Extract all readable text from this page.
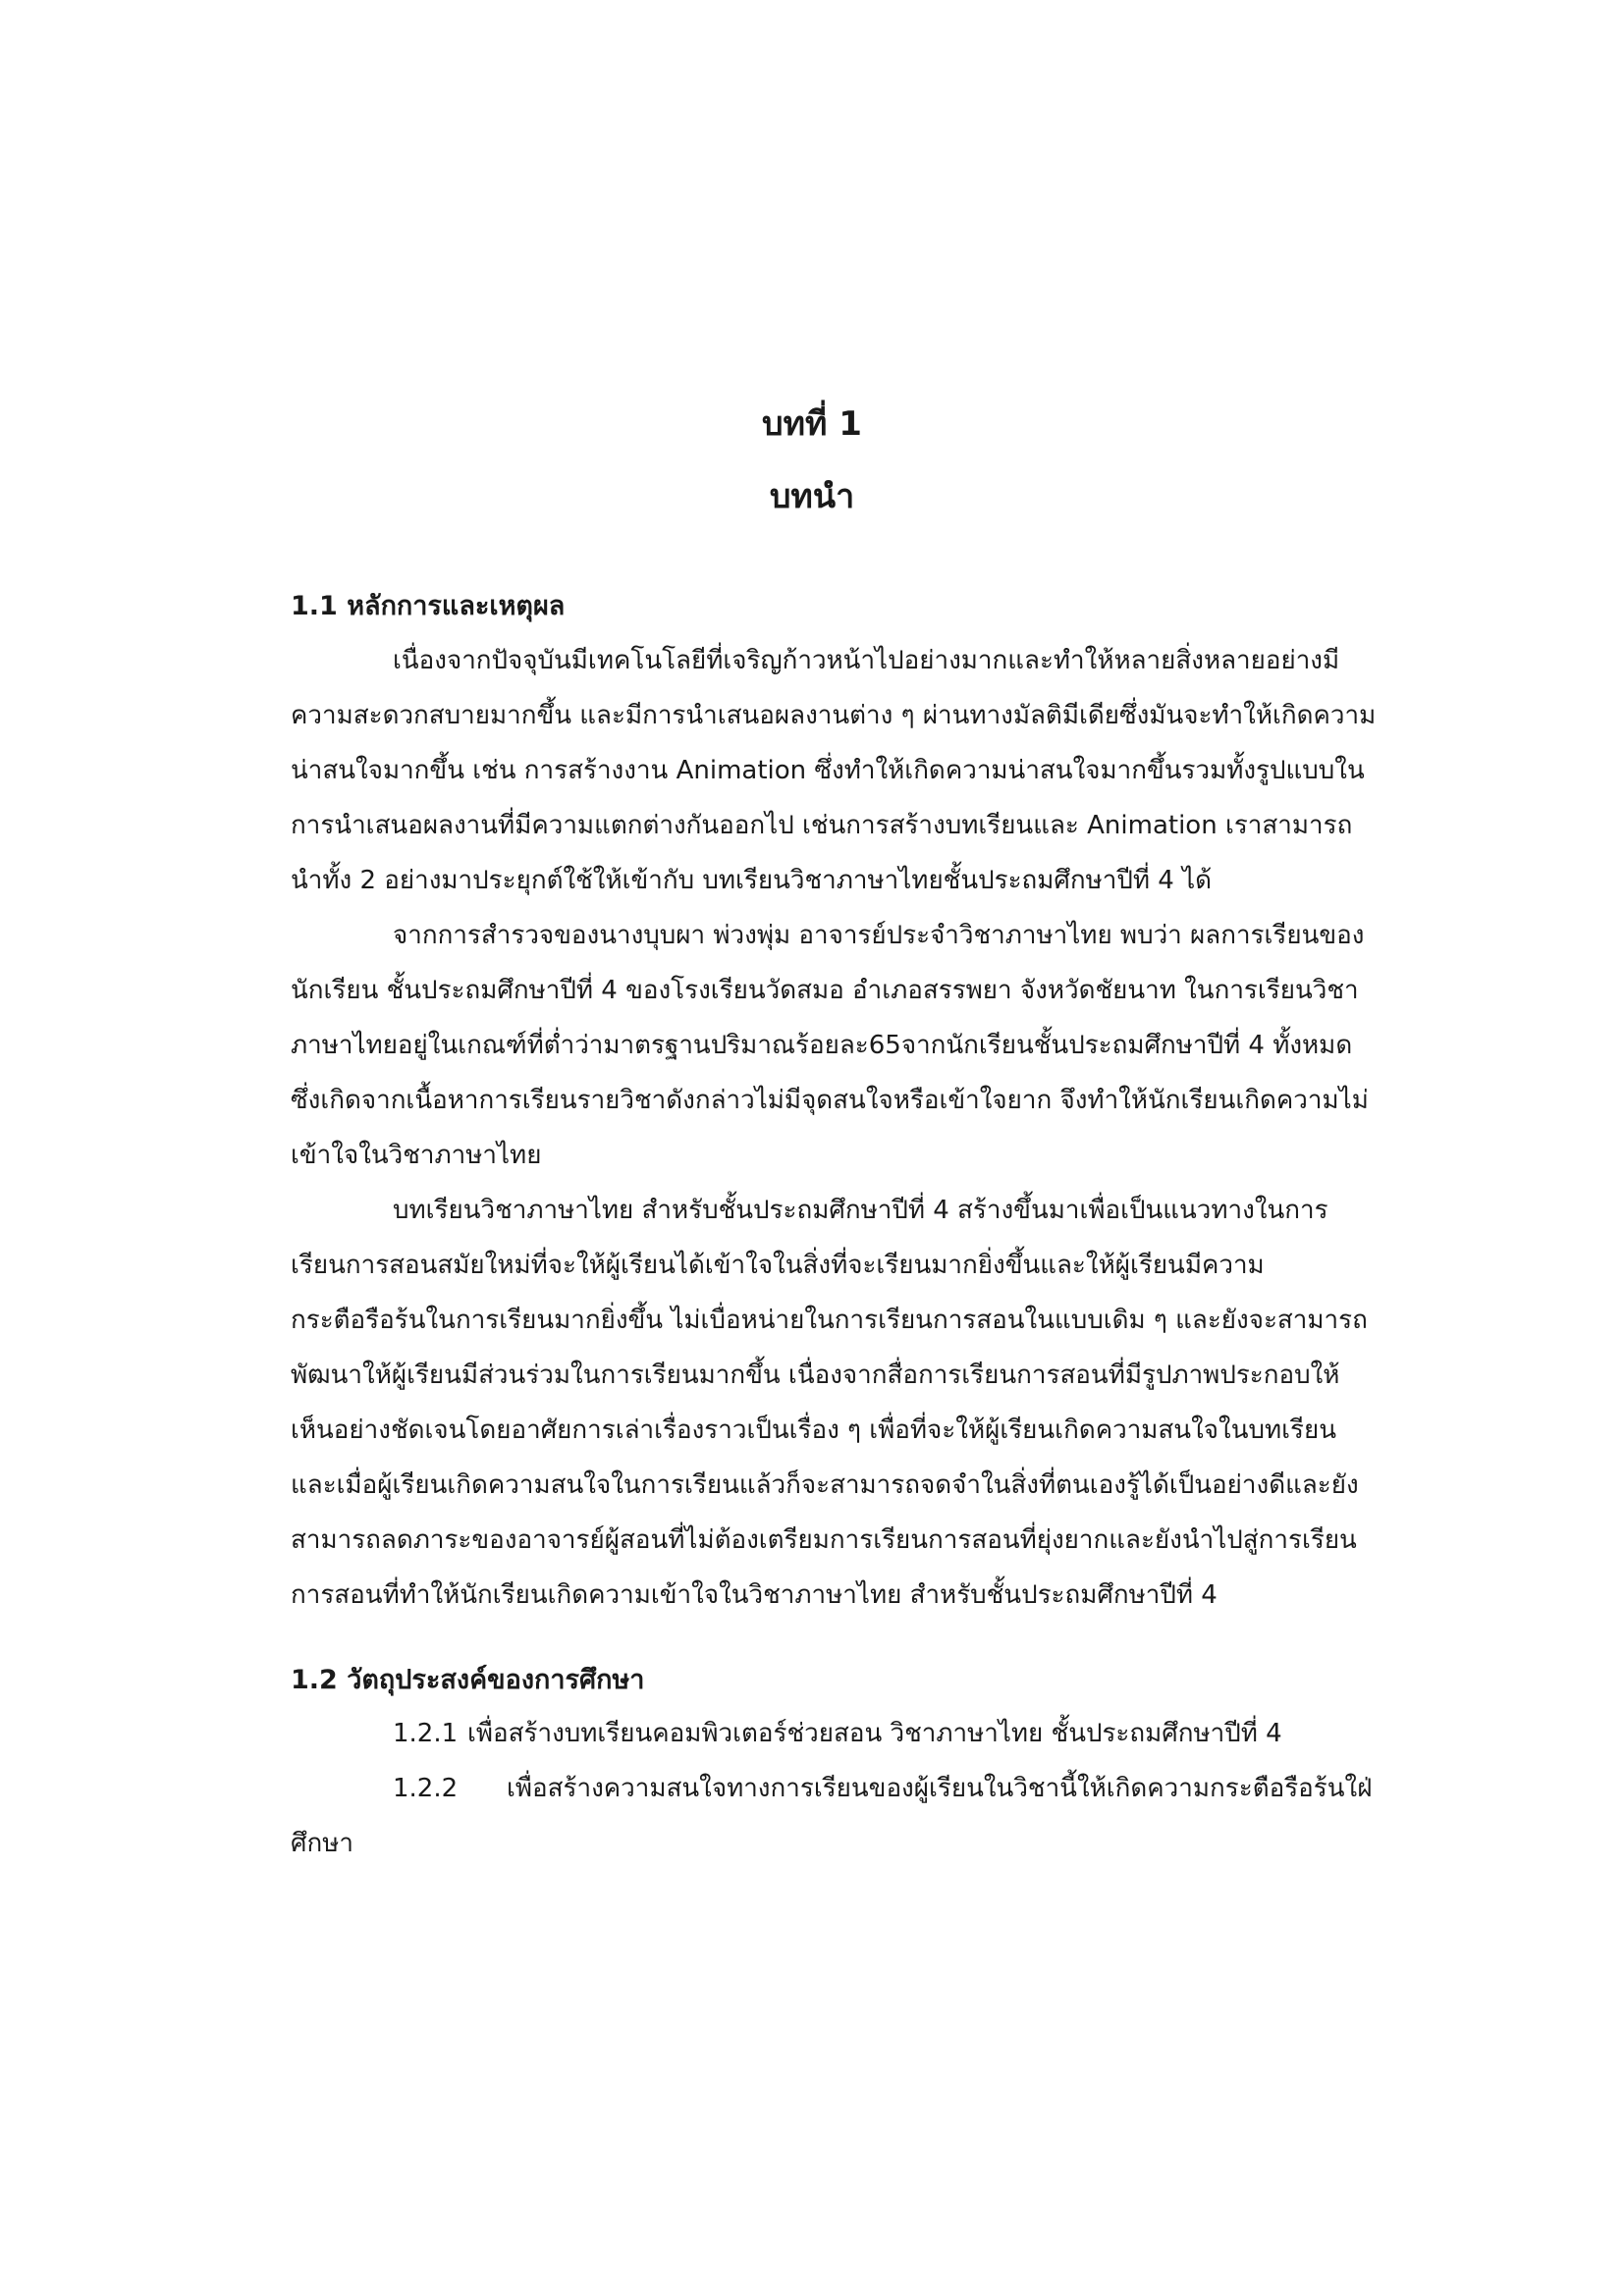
บทที่ 1
บทนำ
1.1 หลักการและเหตุผล

เนื่องจากปัจจุบันมีเทคโนโลยีที่เจริญก้าวหน้าไปอย่างมากและทำให้หลายสิ่งหลายอย่างมี

ความสะดวกสบายมากขึ้น และมีการนำเสนอผลงานต่าง ๆ ผ่านทางมัลติมีเดียซึ่งมันจะทำให้เกิดความ

น่าสนใจมากขึ้น เช่น การสร้างงาน Animation ซึ่งทำให้เกิดความน่าสนใจมากขึ้นรวมทั้งรูปแบบใน

การนำเสนอผลงานที่มีความแตกต่างกันออกไป เช่นการสร้างบทเรียนและ Animation เราสามารถ

นำทั้ง 2 อย่างมาประยุกต์ใช้ให้เข้ากับ บทเรียนวิชาภาษาไทยชั้นประถมศึกษาปีที่ 4 ได้

จากการสำรวจของนางบุบผา พ่วงพุ่ม อาจารย์ประจำวิชาภาษาไทย พบว่า ผลการเรียนของ

นักเรียน ชั้นประถมศึกษาปีที่ 4 ของโรงเรียนวัดสมอ อำเภอสรรพยา จังหวัดชัยนาท ในการเรียนวิชา

ภาษาไทยอยู่ในเกณฑ์ที่ต่ำว่ามาตรฐานปริมาณร้อยละ65จากนักเรียนชั้นประถมศึกษาปีที่ 4 ทั้งหมด

ซึ่งเกิดจากเนื้อหาการเรียนรายวิชาดังกล่าวไม่มีจุดสนใจหรือเข้าใจยาก จึงทำให้นักเรียนเกิดความไม่

เข้าใจในวิชาภาษาไทย

บทเรียนวิชาภาษาไทย สำหรับชั้นประถมศึกษาปีที่ 4 สร้างขึ้นมาเพื่อเป็นแนวทางในการ

เรียนการสอนสมัยใหม่ที่จะให้ผู้เรียนได้เข้าใจในสิ่งที่จะเรียนมากยิ่งขึ้นและให้ผู้เรียนมีความ

กระตือรือร้นในการเรียนมากยิ่งขึ้น ไม่เบื่อหน่ายในการเรียนการสอนในแบบเดิม ๆ และยังจะสามารถ

พัฒนาให้ผู้เรียนมีส่วนร่วมในการเรียนมากขึ้น เนื่องจากสื่อการเรียนการสอนที่มีรูปภาพประกอบให้

เห็นอย่างชัดเจนโดยอาศัยการเล่าเรื่องราวเป็นเรื่อง ๆ เพื่อที่จะให้ผู้เรียนเกิดความสนใจในบทเรียน

และเมื่อผู้เรียนเกิดความสนใจในการเรียนแล้วก็จะสามารถจดจำในสิ่งที่ตนเองรู้ได้เป็นอย่างดีและยัง

สามารถลดภาระของอาจารย์ผู้สอนที่ไม่ต้องเตรียมการเรียนการสอนที่ยุ่งยากและยังนำไปสู่การเรียน

การสอนที่ทำให้นักเรียนเกิดความเข้าใจในวิชาภาษาไทย สำหรับชั้นประถมศึกษาปีที่ 4

1.2 วัตถุประสงค์ของการศึกษา
1.2.1 เพื่อสร้างบทเรียนคอมพิวเตอร์ช่วยสอน วิชาภาษาไทย ชั้นประถมศึกษาปีที่ 4
1.2.2 เพื่อสร้างความสนใจทางการเรียนของผู้เรียนในวิชานี้ให้เกิดความกระตือรือร้นใฝ่
ศึกษา
